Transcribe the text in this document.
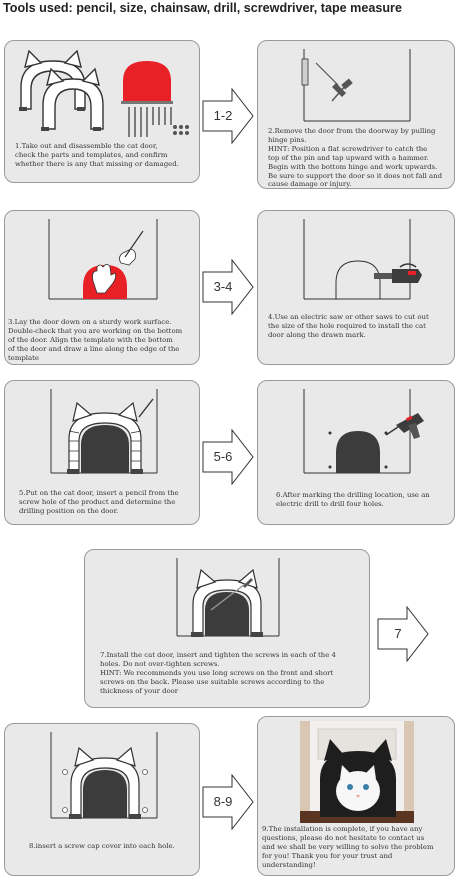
Tools used: pencil, size, chainsaw, drill, screwdriver, tape measure
1.Take out and disassemble the cat door,
check the parts and templates, and confirm
whether there is any that missing or damaged.
1-2
2.Remove the door from the doorway by pulling
hinge pins.
HINT: Position a flat screwdriver to catch the
top of the pin and tap upward with a hammer.
Begin with the bottom hinge and work upwards.
Be sure to support the door so it does not fall and
cause damage or injury.
3.Lay the door down on a sturdy work surface.
Double-check that you are working on the bottom
of the door. Align the template with the bottom
of the door and draw a line along the edge of the
template
3-4
4.Use an electric saw or other saws to cut out
the size of the hole required to install the cat
door along the drawn mark.
5.Put on the cat door, insert a pencil from the
screw hole of the product and determine the
drilling position on the door.
5-6
6.After marking the drilling location, use an
electric drill to drill four holes.
7.Install the cat door, insert and tighten the screws in each of the 4
holes. Do not over-tighten screws.
HINT: We recommends you use long screws on the front and short
screws on the back. Please use suitable screws according to the
thickness of your door
7
8.insert a screw cap cover into each hole.
8-9
9.The installation is complete, if you have any
questions, please do not hesitate to contact us
and we shall be very willing to solve the problem
for you! Thank you for your trust and
understanding!
